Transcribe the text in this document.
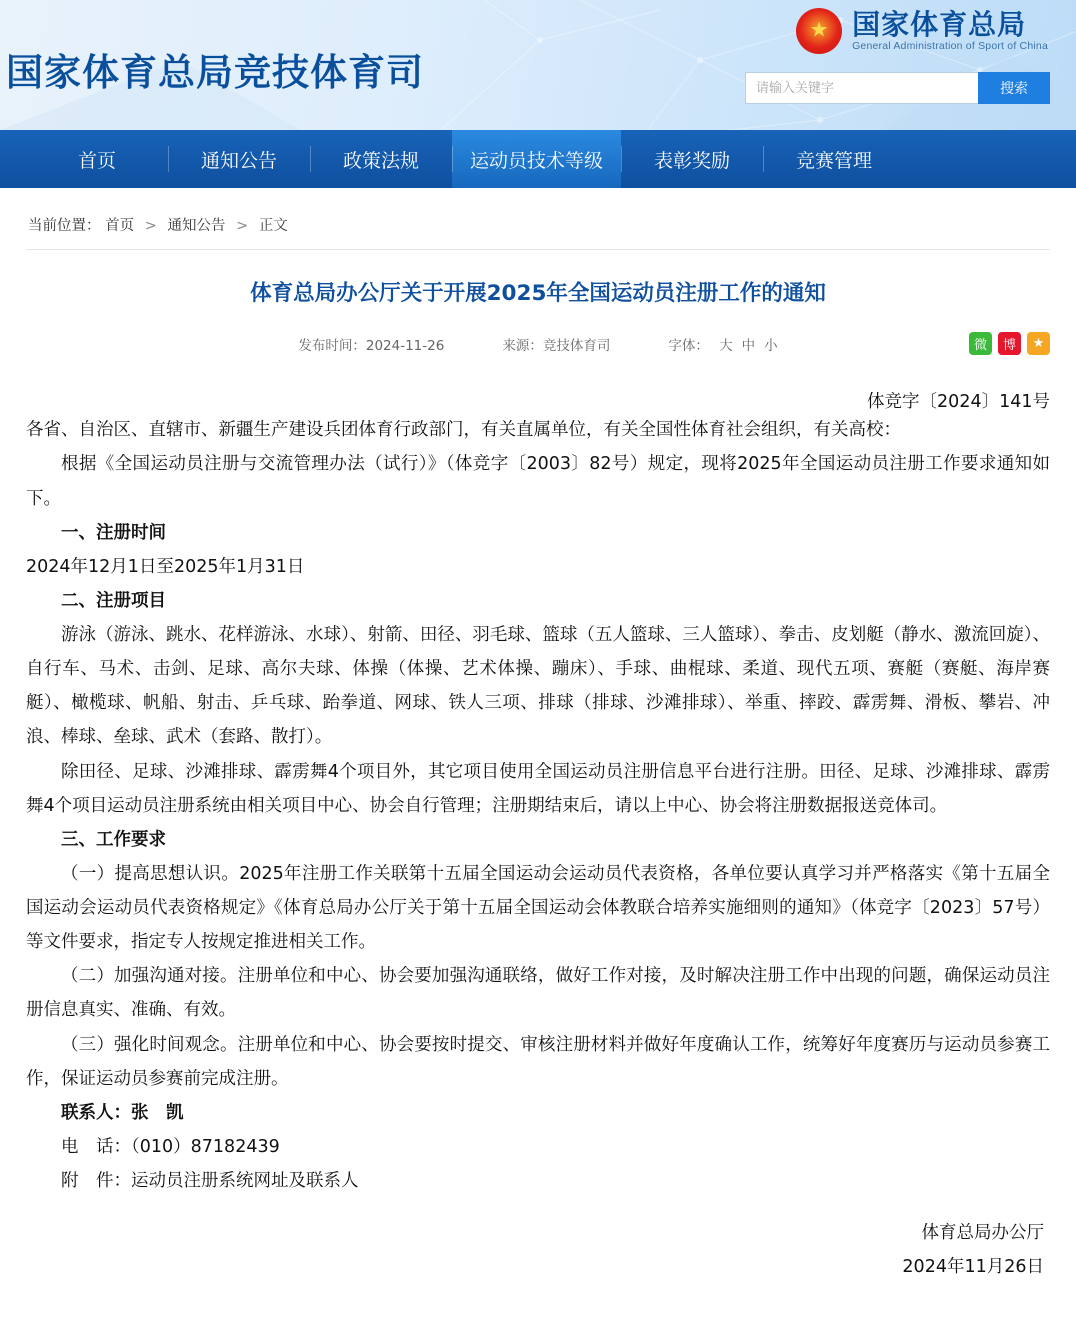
国家体育总局竞技体育司
★
国家体育总局
General Administration of Sport of China
请输入关键字
搜索
首页	通知公告	政策法规	运动员技术等级	表彰奖励	竞赛管理
当前位置： 首页 > 通知公告 > 正文
体育总局办公厅关于开展2025年全国运动员注册工作的通知
发布时间：2024-11-26	来源：竞技体育司	字体： 大 中 小	微	博	★
体竞字〔2024〕141号

各省、自治区、直辖市、新疆生产建设兵团体育行政部门，有关直属单位，有关全国性体育社会组织，有关高校：

根据《全国运动员注册与交流管理办法（试行）》（体竞字〔2003〕82号）规定，现将2025年全国运动员注册工作要求通知如下。

一、注册时间

2024年12月1日至2025年1月31日

二、注册项目

游泳（游泳、跳水、花样游泳、水球）、射箭、田径、羽毛球、篮球（五人篮球、三人篮球）、拳击、皮划艇（静水、激流回旋）、自行车、马术、击剑、足球、高尔夫球、体操（体操、艺术体操、蹦床）、手球、曲棍球、柔道、现代五项、赛艇（赛艇、海岸赛艇）、橄榄球、帆船、射击、乒乓球、跆拳道、网球、铁人三项、排球（排球、沙滩排球）、举重、摔跤、霹雳舞、滑板、攀岩、冲浪、棒球、垒球、武术（套路、散打）。

除田径、足球、沙滩排球、霹雳舞4个项目外，其它项目使用全国运动员注册信息平台进行注册。田径、足球、沙滩排球、霹雳舞4个项目运动员注册系统由相关项目中心、协会自行管理；注册期结束后，请以上中心、协会将注册数据报送竞体司。

三、工作要求

（一）提高思想认识。2025年注册工作关联第十五届全国运动会运动员代表资格，各单位要认真学习并严格落实《第十五届全国运动会运动员代表资格规定》《体育总局办公厅关于第十五届全国运动会体教联合培养实施细则的通知》（体竞字〔2023〕57号）等文件要求，指定专人按规定推进相关工作。

（二）加强沟通对接。注册单位和中心、协会要加强沟通联络，做好工作对接，及时解决注册工作中出现的问题，确保运动员注册信息真实、准确、有效。

（三）强化时间观念。注册单位和中心、协会要按时提交、审核注册材料并做好年度确认工作，统筹好年度赛历与运动员参赛工作，保证运动员参赛前完成注册。

联系人：张　凯

电　话：（010）87182439

附　件：运动员注册系统网址及联系人

体育总局办公厅
2024年11月26日
